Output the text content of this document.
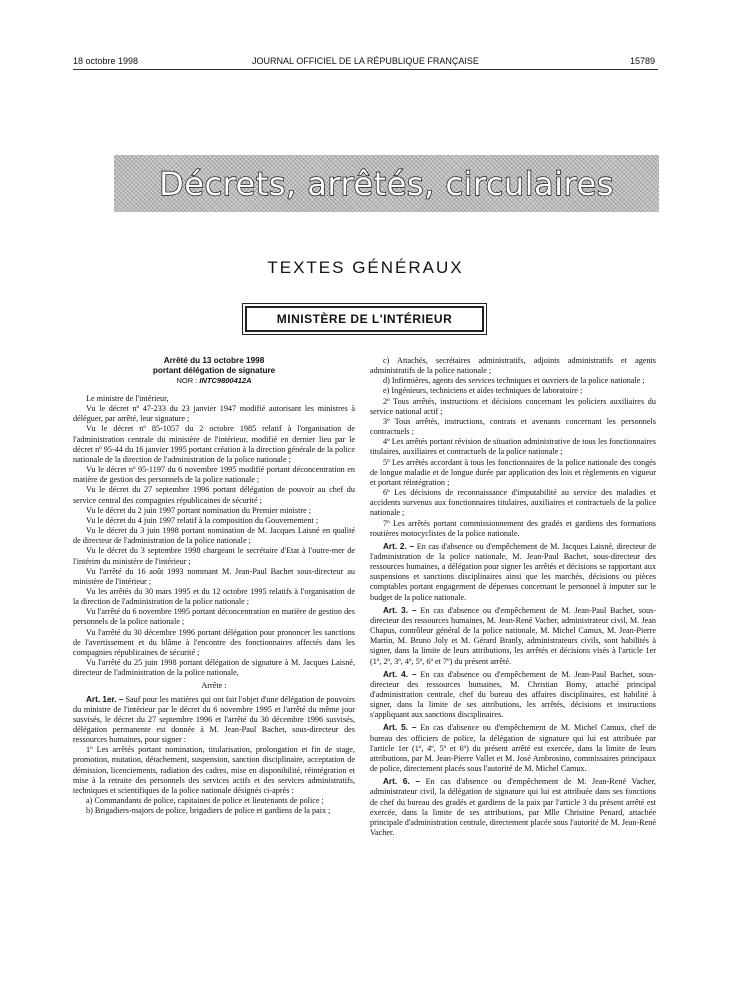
18 octobre 1998	JOURNAL OFFICIEL DE LA RÉPUBLIQUE FRANÇAISE	15789
Décrets, arrêtés, circulaires
TEXTES GÉNÉRAUX
MINISTÈRE DE L'INTÉRIEUR
Arrêté du 13 octobre 1998
portant délégation de signature
NOR : INTC9800412A

Le ministre de l'intérieur,

Vu le décret nº 47-233 du 23 janvier 1947 modifié autorisant les ministres à déléguer, par arrêté, leur signature ;

Vu le décret nº 85-1057 du 2 octobre 1985 relatif à l'organisation de l'administration centrale du ministère de l'intérieur, modifié en dernier lieu par le décret nº 95-44 du 16 janvier 1995 portant création à la direction générale de la police nationale de la direction de l'administration de la police nationale ;

Vu le décret nº 95-1197 du 6 novembre 1995 modifié portant déconcentration en matière de gestion des personnels de la police nationale ;

Vu le décret du 27 septembre 1996 portant délégation de pouvoir au chef du service central des compagnies républicaines de sécurité ;

Vu le décret du 2 juin 1997 portant nomination du Premier ministre ;

Vu le décret du 4 juin 1997 relatif à la composition du Gouvernement ;

Vu le décret du 3 juin 1998 portant nomination de M. Jacques Laisné en qualité de directeur de l'administration de la police nationale ;

Vu le décret du 3 septembre 1998 chargeant le secrétaire d'Etat à l'outre-mer de l'intérim du ministère de l'intérieur ;

Vu l'arrêté du 16 août 1993 nommant M. Jean-Paul Bachet sous-directeur au ministère de l'intérieur ;

Vu les arrêtés du 30 mars 1995 et du 12 octobre 1995 relatifs à l'organisation de la direction de l'administration de la police nationale ;

Vu l'arrêté du 6 novembre 1995 portant déconcentration en matière de gestion des personnels de la police nationale ;

Vu l'arrêté du 30 décembre 1996 portant délégation pour prononcer les sanctions de l'avertissement et du blâme à l'encontre des fonctionnaires affectés dans les compagnies républicaines de sécurité ;

Vu l'arrêté du 25 juin 1998 portant délégation de signature à M. Jacques Laisné, directeur de l'administration de la police nationale,

Arrête :

Art. 1er. – Sauf pour les matières qui ont fait l'objet d'une délégation de pouvoirs du ministre de l'intérieur par le décret du 6 novembre 1995 et l'arrêté du même jour susvisés, le décret du 27 septembre 1996 et l'arrêté du 30 décembre 1996 susvisés, délégation permanente est donnée à M. Jean-Paul Bachet, sous-directeur des ressources humaines, pour signer :

1º Les arrêtés portant nomination, titularisation, prolongation et fin de stage, promotion, mutation, détachement, suspension, sanction disciplinaire, acceptation de démission, licenciements, radiation des cadres, mise en disponibilité, réintégration et mise à la retraite des personnels des services actifs et des services administratifs, techniques et scientifiques de la police nationale désignés ci-après :

a) Commandants de police, capitaines de police et lieutenants de police ;

b) Brigadiers-majors de police, brigadiers de police et gardiens de la paix ;

c) Attachés, secrétaires administratifs, adjoints administratifs et agents administratifs de la police nationale ;

d) Infirmières, agents des services techniques et ouvriers de la police nationale ;

e) Ingénieurs, techniciens et aides techniques de laboratoire ;

2º Tous arrêtés, instructions et décisions concernant les policiers auxiliaires du service national actif ;

3º Tous arrêtés, instructions, contrats et avenants concernant les personnels contractuels ;

4º Les arrêtés portant révision de situation administrative de tous les fonctionnaires titulaires, auxiliaires et contractuels de la police nationale ;

5º Les arrêtés accordant à tous les fonctionnaires de la police nationale des congés de longue maladie et de longue durée par application des lois et règlements en vigueur et portant réintégration ;

6º Les décisions de reconnaissance d'imputabilité au service des maladies et accidents survenus aux fonctionnaires titulaires, auxiliaires et contractuels de la police nationale ;

7º Les arrêtés portant commissionnement des gradés et gardiens des formations routières motocyclistes de la police nationale.

Art. 2. – En cas d'absence ou d'empêchement de M. Jacques Laisné, directeur de l'administration de la police nationale, M. Jean-Paul Bachet, sous-directeur des ressources humaines, a délégation pour signer les arrêtés et décisions se rapportant aux suspensions et sanctions disciplinaires ainsi que les marchés, décisions ou pièces comptables portant engagement de dépenses concernant le personnel à imputer sur le budget de la police nationale.

Art. 3. – En cas d'absence ou d'empêchement de M. Jean-Paul Bachet, sous-directeur des ressources humaines, M. Jean-René Vacher, administrateur civil, M. Jean Chapus, contrôleur général de la police nationale, M. Michel Camux, M. Jean-Pierre Martin, M. Bruno Joly et M. Gérard Branly, administrateurs civils, sont habilités à signer, dans la limite de leurs attributions, les arrêtés et décisions visés à l'article 1er (1º, 2º, 3º, 4º, 5º, 6º et 7º) du présent arrêté.

Art. 4. – En cas d'absence ou d'empêchement de M. Jean-Paul Bachet, sous-directeur des ressources humaines, M. Christian Bomy, attaché principal d'administration centrale, chef du bureau des affaires disciplinaires, est habilité à signer, dans la limite de ses attributions, les arrêtés, décisions et instructions s'appliquant aux sanctions disciplinaires.

Art. 5. – En cas d'absence ou d'empêchement de M. Michel Camux, chef de bureau des officiers de police, la délégation de signature qui lui est attribuée par l'article 1er (1º, 4º, 5º et 6º) du présent arrêté est exercée, dans la limite de leurs attributions, par M. Jean-Pierre Vallet et M. José Ambrosino, commissaires principaux de police, directement placés sous l'autorité de M. Michel Camux.

Art. 6. – En cas d'absence ou d'empêchement de M. Jean-René Vacher, administrateur civil, la délégation de signature qui lui est attribuée dans ses fonctions de chef du bureau des gradés et gardiens de la paix par l'article 3 du présent arrêté est exercée, dans la limite de ses attributions, par Mlle Christine Penard, attachée principale d'administration centrale, directement placée sous l'autorité de M. Jean-René Vacher.
